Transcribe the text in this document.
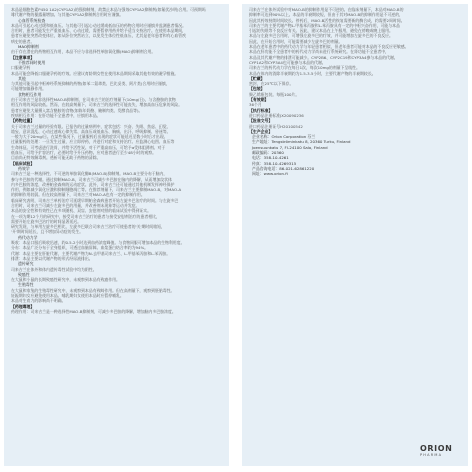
本品是细胞色素P450 1A2(CYP1A2)的强抑制剂，故禁止本品与强效CYP1A2抑制剂(如氟伏沙明)合用。可预期吗
啡代谢产物的暴露量增加。与其他CYP1A2抑制剂合用时应谨慎。
心血管系统检查
本品可引起心动过缓和低血压。与其他可引起心动过缓或低血压的药物合用时应谨慎并监测患者情况。
合用时，患者可能发生严重低血压、心动过缓，需要暂停用药并给予适当支持治疗。在使用本品期间，
患者应避免突然改变体位，如从卧位突然站立，以免发生体位性低血压，尤其是老年患者和有心血管疾
病史的患者。
MAO抑制剂
由于存在潜在的药物相互作用，本品不应与非选择性单胺氧化酶(MAO)抑制剂合用。
【注意事项】
不推荐同时使用
口服避孕药
本品可能会降低口服避孕药的疗效。应建议育龄期女性在使用本品期间采取其他有效的避孕措施。
其他
与其他可能引起中枢神经系统抑制的药物(如苯二氮䓬类、巴比妥类、阿片类)合用时应谨慎，
可能增加镇静作用。
食物相互作用
由于司来吉兰是非选择性MAO-B抑制剂，在司来吉兰的治疗剂量下(10mg/日)，与含酪胺的食物
相互作用的风险较低。然而，在较高剂量下，司来吉兰的选择性可能丧失，增加高血压危象的风险。
患者应避免大量摄入富含酪胺的食物(如陈年奶酪、腌制肉类、发酵食品等)。
疾病相互作用：在肝功能不全患者中，应慎用本品。
【药物过量】
关于司来吉兰过量的经验有限。已报告的过量病例中，症状包括：兴奋、失眠、焦虑、幻觉、
谵妄、意识混乱、心动过速或心律失常、高血压或低血压、胸痛、出汗、呼吸抑制、昏迷等。
一般为大于20mg/日。在某些情况下，过量服药后出现的症状可能延迟至数小时后才出现。
过量服药的处理：一旦发生过量，应立即停药，并进行对症和支持治疗。应监测心电图、血压等
生命体征。可考虑进行洗胃，并给予活性炭。对于严重高血压，可给予α受体阻滞剂。对于
低血压，可给予扩容治疗，必要时给予升压药物。应对患者进行至少48小时的观察。
目前尚无特效解毒剂。透析可能无助于药物的清除。
【临床试验】
药效学
司来吉兰是一种选择性、不可逆的单胺氧化酶B(MAO-B)抑制剂。MAO-B主要分布于脑内，
参与多巴胺的代谢。通过抑制MAO-B，司来吉兰可减少多巴胺在脑内的降解，从而增加纹状体
内多巴胺的浓度，改善帕金森病的运动症状。此外，司来吉兰还可能通过其他机制发挥神经保护
作用，例如减少氧化应激和抑制细胞凋亡等。在推荐剂量下，司来吉兰主要抑制MAO-B，对MAO-A
的抑制作用较弱。但在较高剂量下，司来吉兰对MAO-A也有一定的抑制作用。
临床研究表明，司来吉兰单药治疗可延缓早期帕金森病患者开始左旋多巴治疗的时间。与左旋多巴
合用时，司来吉兰可减少左旋多巴的用量，并改善剂末现象等运动并发症。
本品的安全性和有效性已在多项随机、双盲、安慰剂对照的临床试验中得到证实。
在一项为期12个月的研究中，接受司来吉兰治疗的患者与接受安慰剂治疗的患者相比，
需要开始左旋多巴治疗的时间显著延迟。
研究发现，与单用左旋多巴相比，左旋多巴联合司来吉兰治疗可使患者的'关'期时间缩短，
'开'期时间延长，且不增加异动症的发生。
药代动力学
吸收：本品口服后吸收迅速，约0.5-2小时达到血药浓度峰值。与食物同服可增加本品的生物利用度。
分布：本品广泛分布于全身组织，可透过血脑屏障。血浆蛋白结合率约为94%。
代谢：本品主要在肝脏代谢，主要代谢产物为N-去甲基司来吉兰、L-甲基苯丙胺和L-苯丙胺。
排泄：本品主要以代谢产物的形式经尿液排出。
遗传研究
司来吉兰在体外和体内遗传毒性试验中均为阴性。
致癌性
在大鼠和小鼠的长期致癌性研究中，未观察到本品有致癌作用。
生殖毒性
在大鼠和家兔的生殖毒性研究中，未观察到本品有致畸作用。但在高剂量下，观察到胚胎毒性。
妊娠期妇女应避免使用本品。哺乳期妇女使用本品时应暂停哺乳。
本品对生育力的影响尚不明确。
【药理毒理】
药理作用：司来吉兰是一种选择性MAO-B抑制剂，可减少多巴胺的降解，增加脑内多巴胺浓度。
司来吉兰在体外试验中对MAO-B的抑制作用是不可逆的。在临床剂量下，本品对MAO-B的
抑制率可达到90%以上。本品的半衰期较短，但由于其对MAO-B的抑制作用是不可逆的，
因此其药效持续时间较长。停药后，MAO-B活性的恢复需要新的酶合成，约需要2周时间。
司来吉兰的主要代谢产物L-甲基苯丙胺和L-苯丙胺具有一定的中枢兴奋作用，可能与本品
引起的失眠等不良反应有关。因此，建议本品在上午服用，避免在傍晚或晚上服用。
本品与左旋多巴合用时，可增强左旋多巴的疗效，并可能增加左旋多巴的不良反应。
因此，在开始合用时，可能需要减少左旋多巴的剂量。
本品在老年患者中的药代动力学与年轻患者相似，但老年患者可能对本品的不良反应更敏感。
本品在肝功能不全患者中的药代动力学尚未进行系统研究。在肾功能不全患者中，
本品及其代谢产物的排泄可能减少。CYP2B6、CYP2C19和CYP3A4参与本品的代谢。
CYP1A2和CYP3A4也可能参与本品的代谢。
司来吉兰的药代动力学在每日1次，每次10mg的剂量下呈线性。
本品在体内的消除半衰期约为1.5-3.5小时，主要代谢产物的半衰期较长。
【贮藏】
密封，在25℃以下保存。
【包装】
聚乙烯瓶包装。每瓶100片。
【有效期】
36个月
【执行标准】
进口药品注册标准JX20090236
【批准文号】
进口药品注册证号H20100542
【生产企业】
企业名称：Orion Corporation 芬兰
生产地址：Tengströminkatu 8, 20360 Turku, Finland
Joensuunkatu 7, FI-24100 Salo, Finland
邮政编码：20360
电话：358-10-4261
传真：358-10-4269315
产品咨询电话：86-021-62861220
网址：www.orion.fi
ORION
PHARMA
